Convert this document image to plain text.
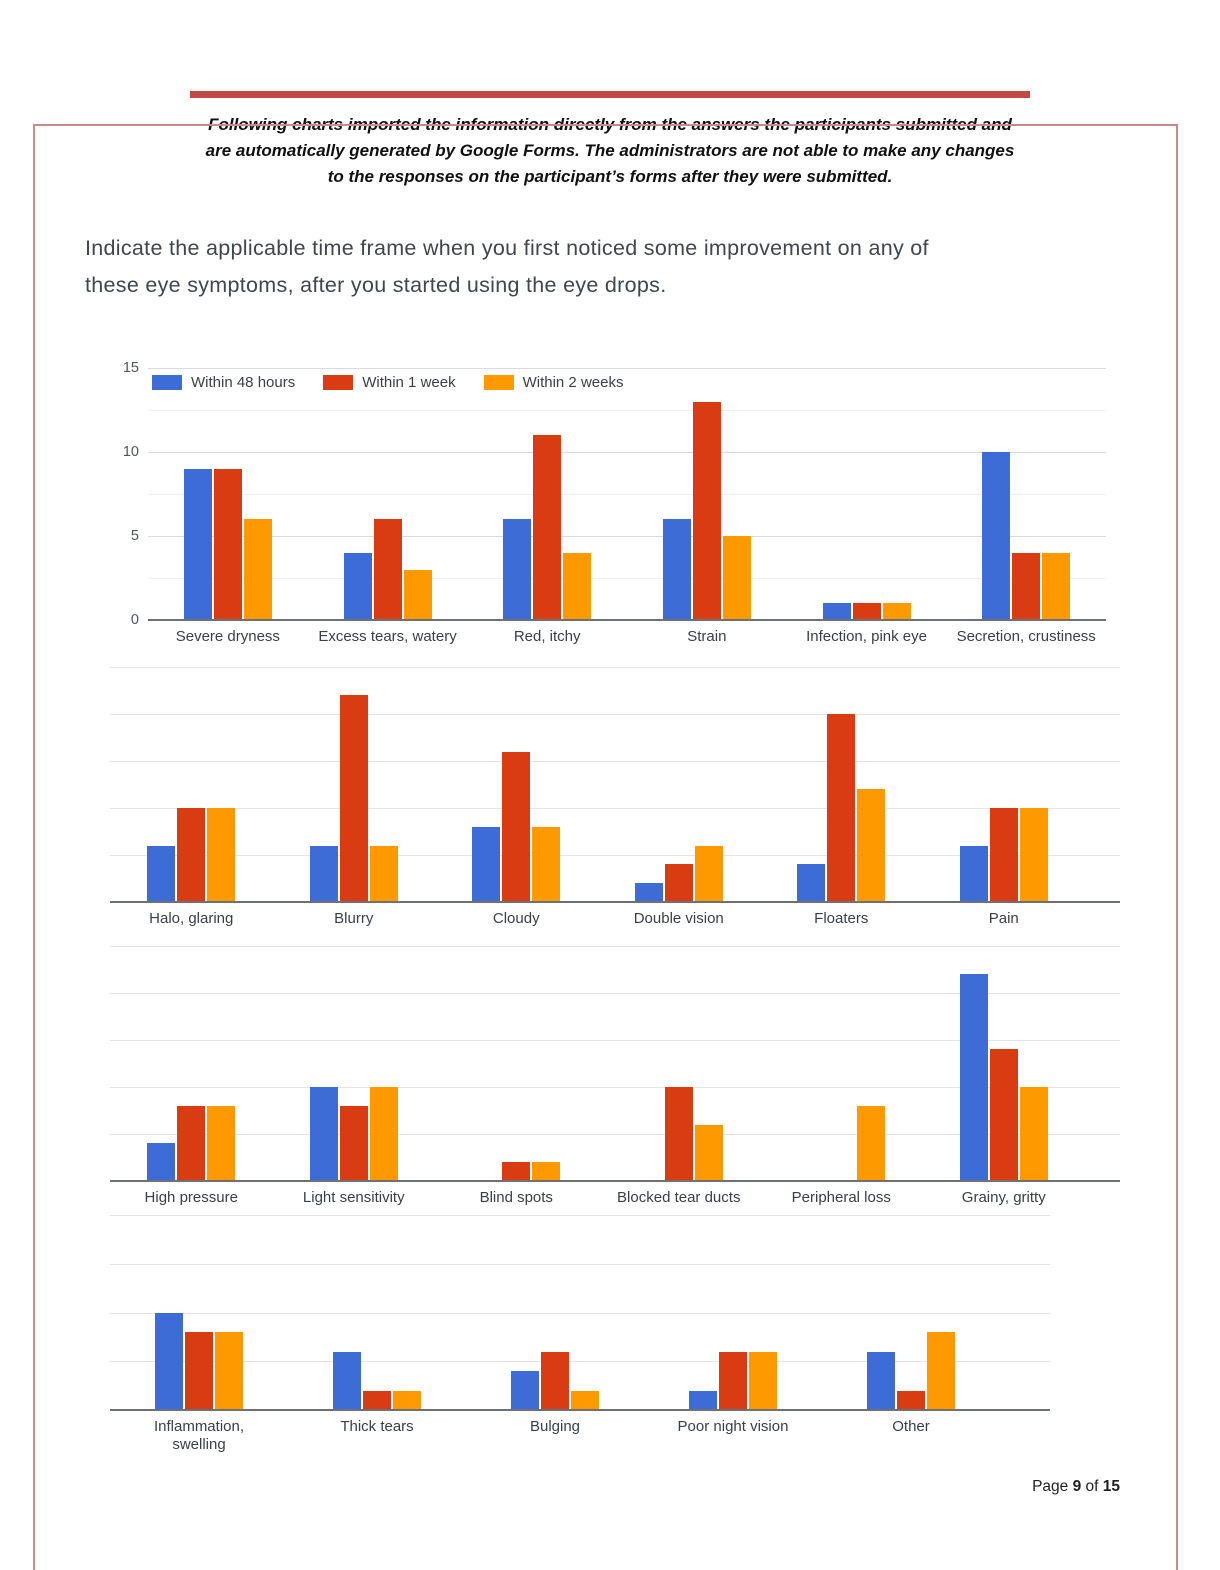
Following charts imported the information directly from the answers the participants submitted and
are automatically generated by Google Forms. The administrators are not able to make any changes
to the responses on the participant’s forms after they were submitted.
Indicate the applicable time frame when you first noticed some improvement on any of
these eye symptoms, after you started using the eye drops.
0
5
10
15
Within 48 hours	Within 1 week	Within 2 weeks
Severe dryness	Excess tears, watery	Red, itchy	Strain	Infection, pink eye Secretion, crustiness
Halo, glaring	Blurry	Cloudy	Double vision	Floaters	Pain
High pressure	Light sensitivity	Blind spots	Blocked tear ducts	Peripheral loss	Grainy, gritty
Inflammation, swelling
Thick tears	Bulging	Poor night vision	Other
Page 9 of 15
